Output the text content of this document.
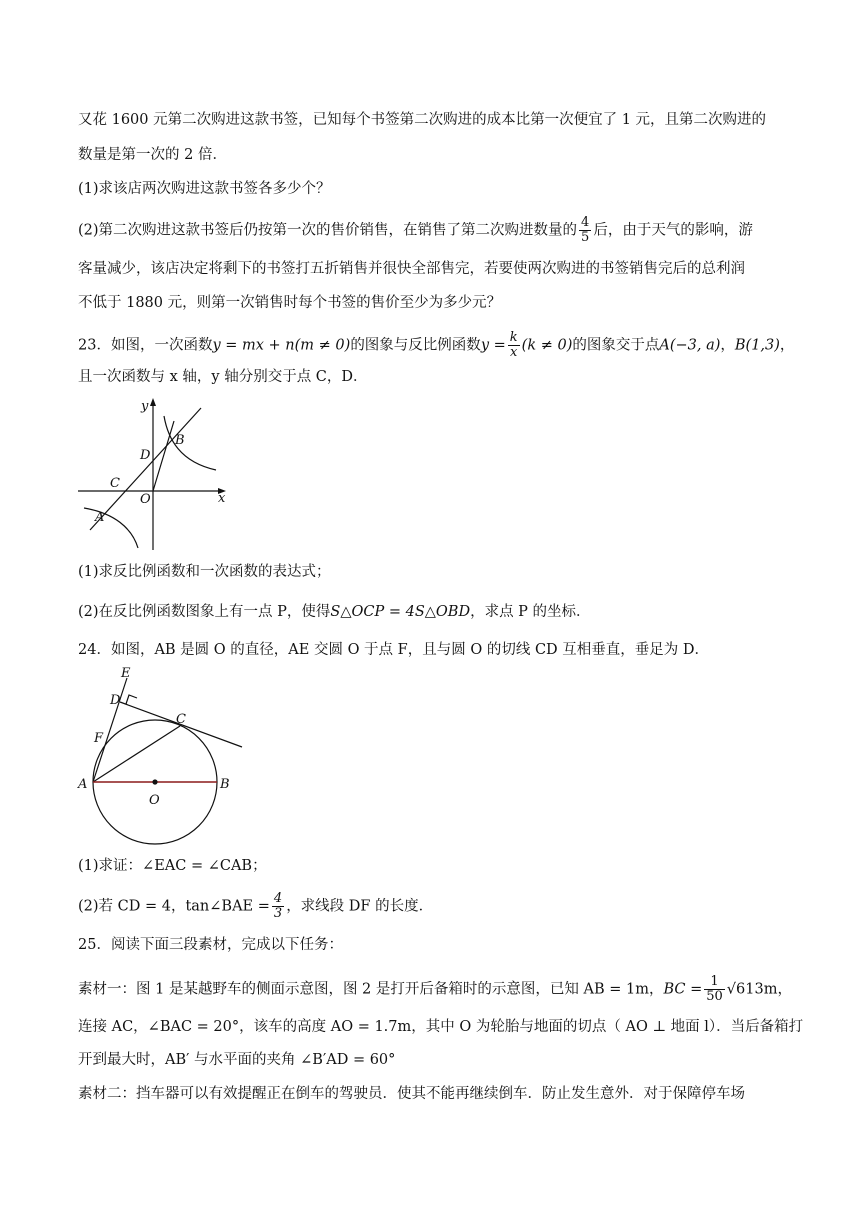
又花 1600 元第二次购进这款书签，已知每个书签第二次购进的成本比第一次便宜了 1 元，且第二次购进的
数量是第一次的 2 倍．
(1)求该店两次购进这款书签各多少个？
(2)第二次购进这款书签后仍按第一次的售价销售，在销售了第二次购进数量的 $\frac{4}{5}$ 后，由于天气的影响，游
客量减少，该店决定将剩下的书签打五折销售并很快全部售完，若要使两次购进的书签销售完后的总利润
不低于 1880 元，则第一次销售时每个书签的售价至少为多少元？
23．如图，一次函数y = mx + n(m ≠ 0)的图象与反比例函数$y = \frac{k}{x} (k \ne 0)$的图象交于点A(−3, a)，B(1,3)，
且一次函数与 x 轴，y 轴分别交于点 C，D．
y
x
B
D
C
O
A
(1)求反比例函数和一次函数的表达式；
(2)在反比例函数图象上有一点 P，使得S△OCP = 4S△OBD，求点 P 的坐标．
24．如图，AB 是圆 O 的直径，AE 交圆 O 于点 F，且与圆 O 的切线 CD 互相垂直，垂足为 D．
E
D
C
F
A	B
O
(1)求证：∠EAC = ∠CAB；
(2)若 CD = 4，tan∠BAE = $\frac{4}{3}$ ，求线段 DF 的长度．
25．阅读下面三段素材，完成以下任务：
素材一：图 1 是某越野车的侧面示意图，图 2 是打开后备箱时的示意图，已知 AB = 1m，BC = $\frac{1}{50} √613m$，
连接 AC，∠BAC = 20°，该车的高度 AO = 1.7m，其中 O 为轮胎与地面的切点（ AO ⊥ 地面 l）．当后备箱打
开到最大时，AB′ 与水平面的夹角 ∠B′AD = 60°
素材二：挡车器可以有效提醒正在倒车的驾驶员．使其不能再继续倒车．防止发生意外．对于保障停车场
